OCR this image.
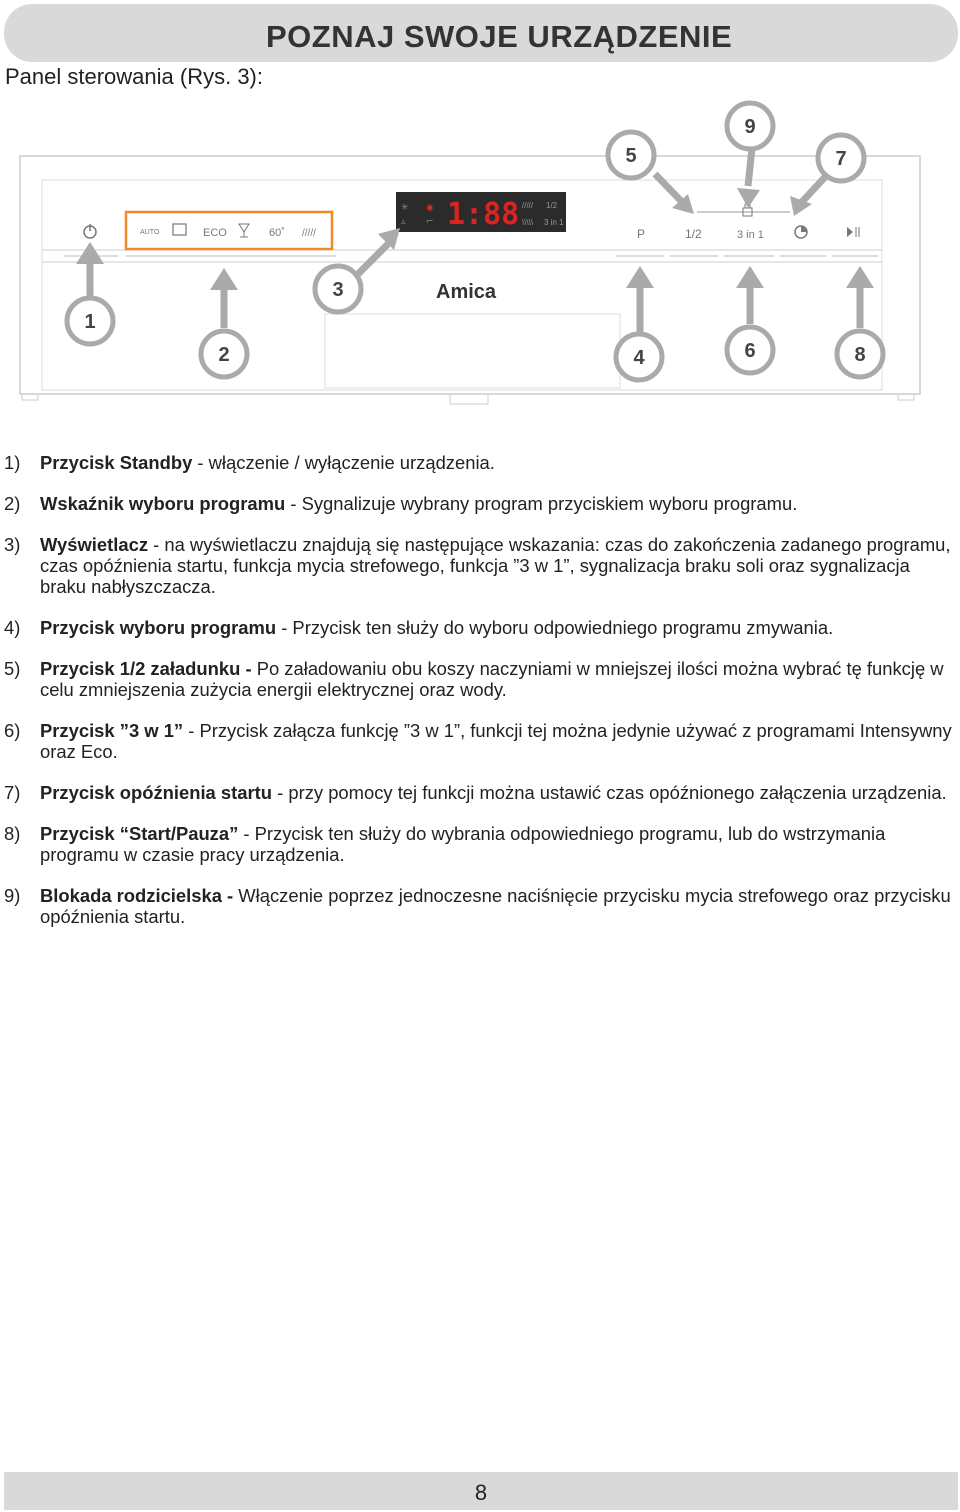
POZNAJ SWOJE URZĄDZENIE
Panel sterowania (Rys. 3):
AUTO	ECO	60˚ /////
✳
▵
◉
⌐ 1:88 ///// 1/2
\\\\\ 3 in 1
P	1/2	3 in 1
Amica
1
2
3
4
5
6
7
8
9
1)	Przycisk Standby - włączenie / wyłączenie urządzenia.
2)	Wskaźnik wyboru programu - Sygnalizuje wybrany program przyciskiem wyboru programu.
3)	Wyświetlacz - na wyświetlaczu znajdują się następujące wskazania: czas do zakończenia zadanego programu, czas opóźnienia startu, funkcja mycia strefowego, funkcja ”3 w 1”, sygnalizacja braku soli oraz sygnalizacja braku nabłyszczacza.
4)	Przycisk wyboru programu - Przycisk ten służy do wyboru odpowiedniego programu zmywania.
5)	Przycisk 1/2 załadunku - Po załadowaniu obu koszy naczyniami w mniejszej ilości można wybrać tę funkcję w celu zmniejszenia zużycia energii elektrycznej oraz wody.
6)	Przycisk ”3 w 1” - Przycisk załącza funkcję ”3 w 1”, funkcji tej można jedynie używać z programami Intensywny oraz Eco.
7)	Przycisk opóźnienia startu - przy pomocy tej funkcji można ustawić czas opóźnionego załączenia urządzenia.
8)	Przycisk “Start/Pauza” - Przycisk ten służy do wybrania odpowiedniego programu, lub do wstrzymania programu w czasie pracy urządzenia.
9)	Blokada rodzicielska - Włączenie poprzez jednoczesne naciśnięcie przycisku mycia strefowego oraz przycisku opóźnienia startu.
8
